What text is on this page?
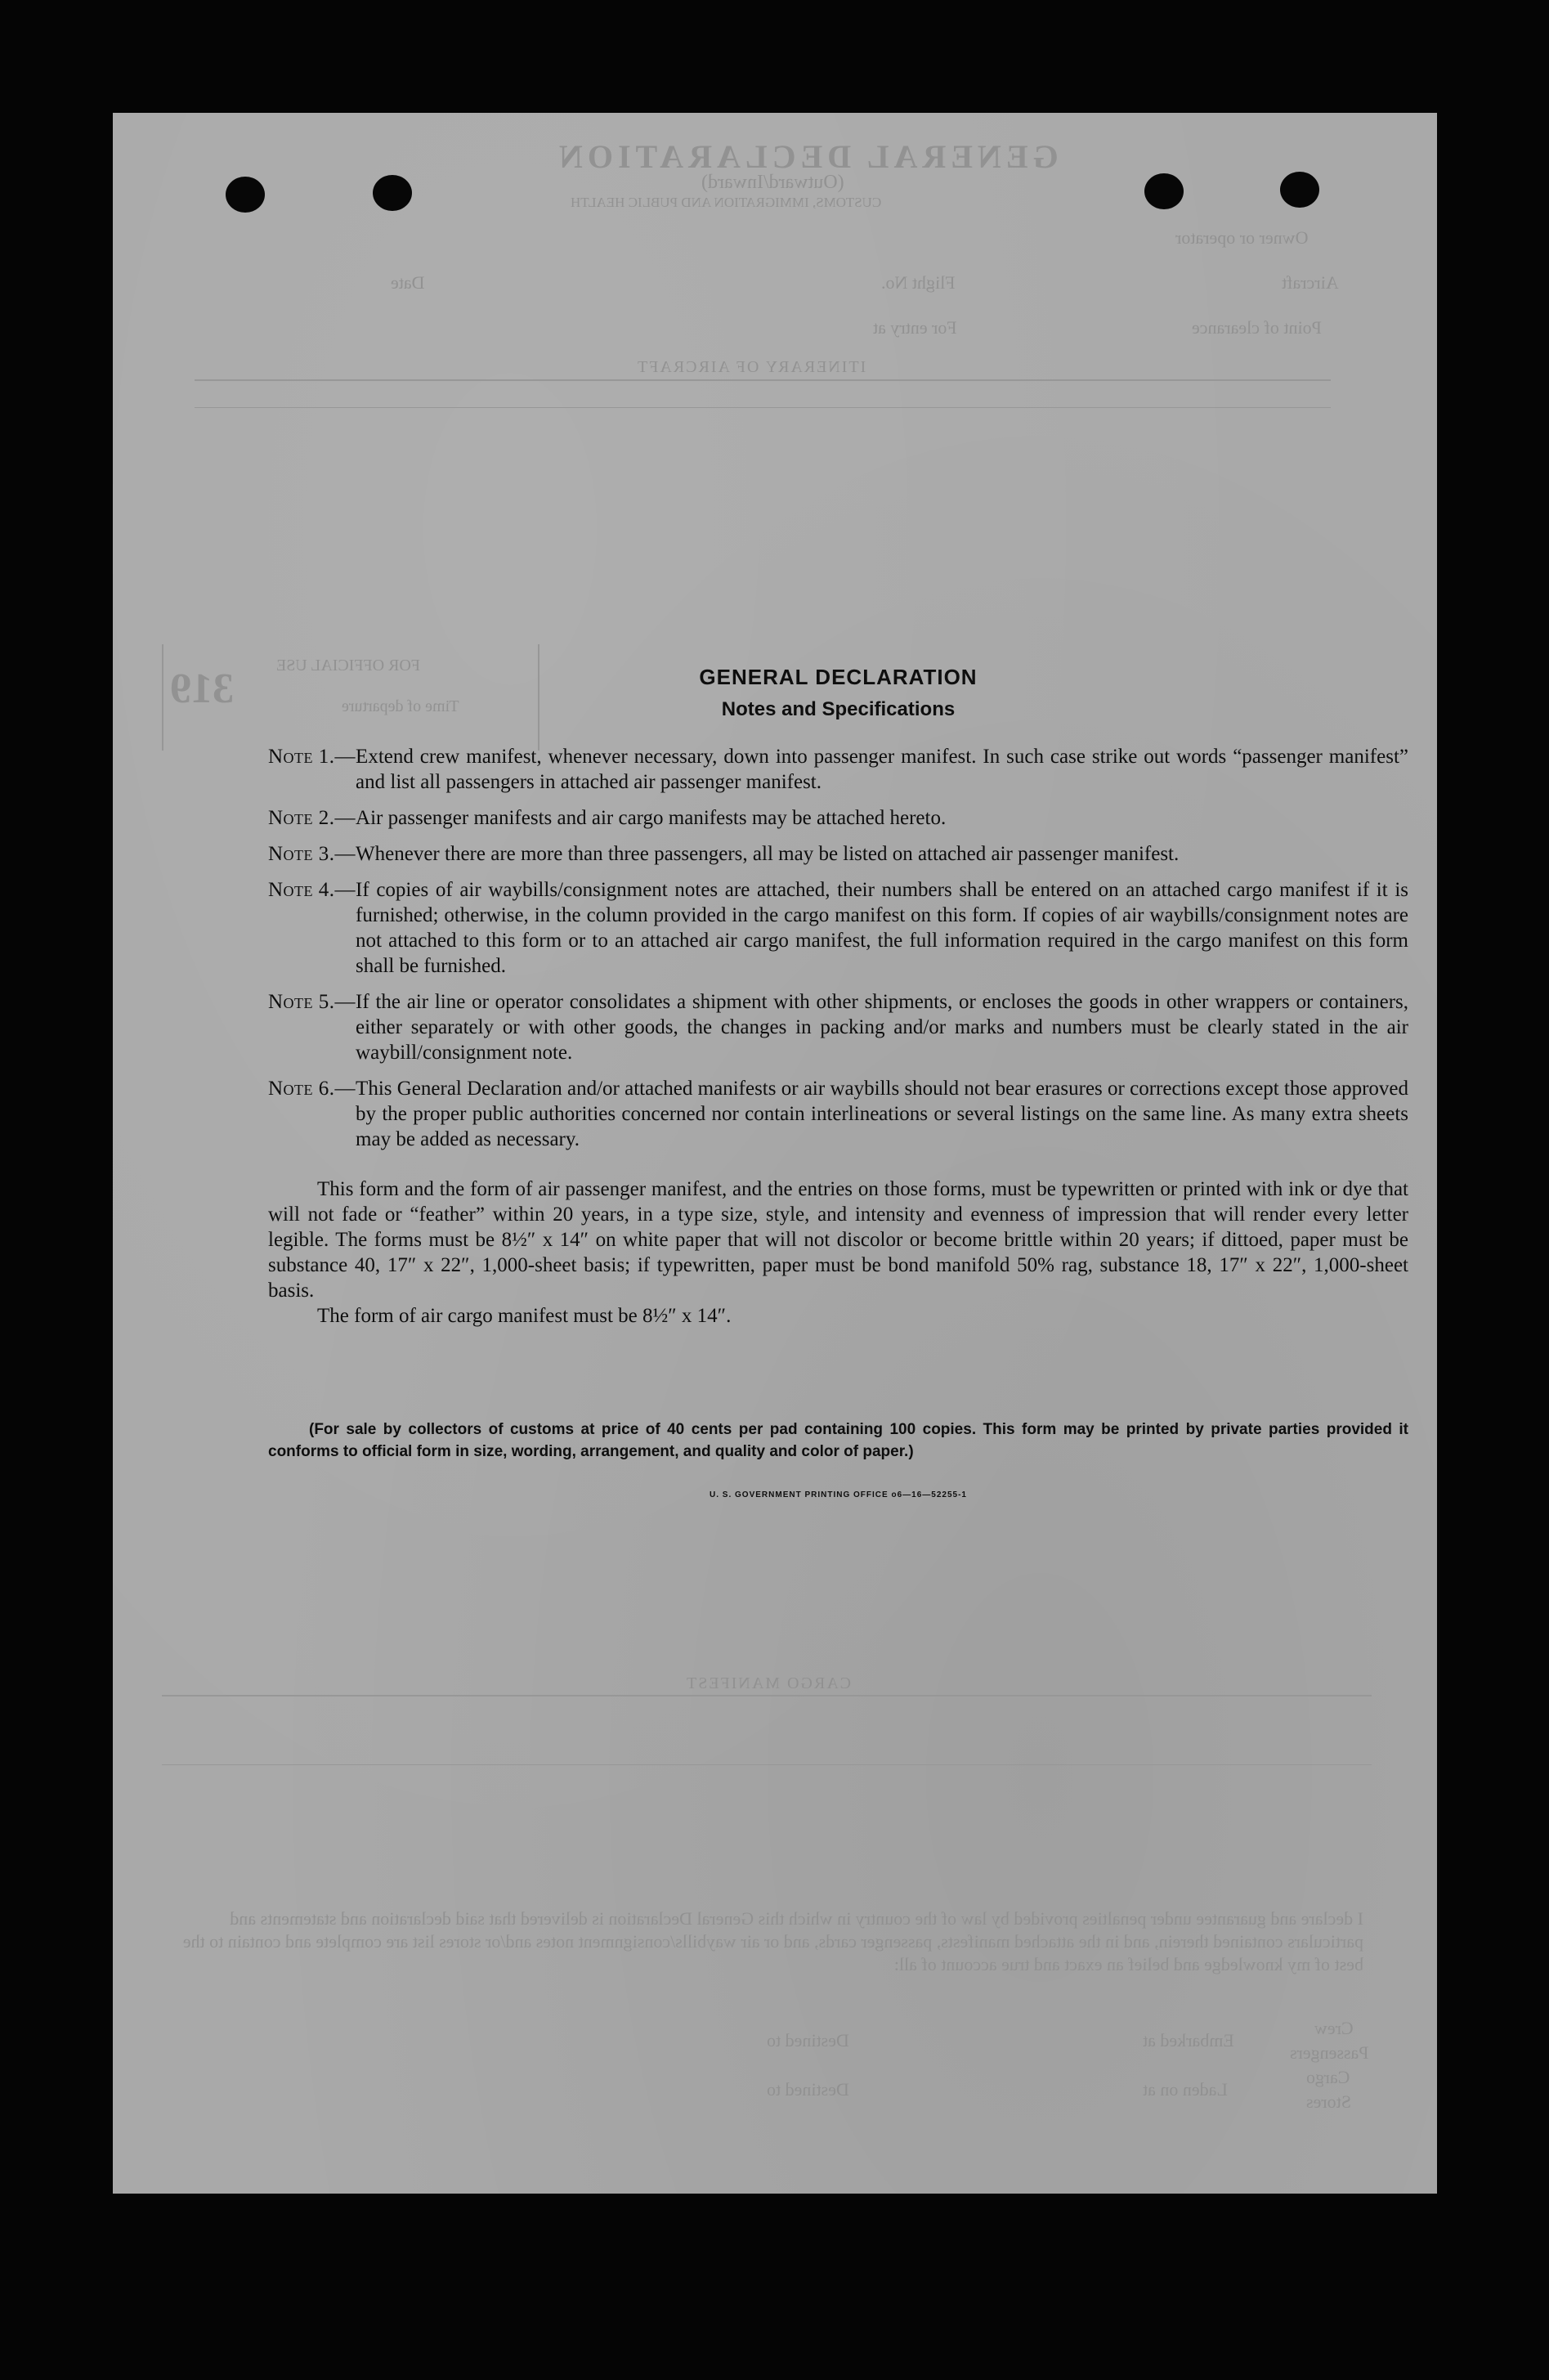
GENERAL DECLARATION
(Outward/Inward)
CUSTOMS, IMMIGRATION AND PUBLIC HEALTH
Owner or operator
Aircraft
Flight No.
Date
Point of clearance
For entry at
ITINERARY OF AIRCRAFT
FOR OFFICIAL USE
319	Time of departure
CARGO MANIFEST
I declare and guarantee under penalties provided by law of the country in which this General Declaration is delivered that said declaration and statements and particulars contained therein, and in the attached manifests, passenger cards, and or air waybills/consignment notes and/or stores list are complete and contain to the best of my knowledge and belief an exact and true account of all:
Crew
Passengers
Cargo
Stores
Embarked at
Laden on at
Destined to
Destined to
GENERAL DECLARATION
Notes and Specifications
Note 1.— Extend crew manifest, whenever necessary, down into passenger manifest. In such case strike out words “passenger manifest” and list all passengers in attached air passenger manifest.
Note 2.— Air passenger manifests and air cargo manifests may be attached hereto.
Note 3.— Whenever there are more than three passengers, all may be listed on attached air passenger manifest.
Note 4.— If copies of air waybills/consignment notes are attached, their numbers shall be entered on an attached cargo manifest if it is furnished; otherwise, in the column provided in the cargo manifest on this form. If copies of air waybills/consignment notes are not attached to this form or to an attached air cargo manifest, the full information required in the cargo manifest on this form shall be furnished.
Note 5.— If the air line or operator consolidates a shipment with other shipments, or encloses the goods in other wrappers or containers, either separately or with other goods, the changes in packing and/or marks and numbers must be clearly stated in the air waybill/consignment note.
Note 6.— This General Declaration and/or attached manifests or air waybills should not bear erasures or corrections except those approved by the proper public authorities concerned nor contain interlineations or several listings on the same line. As many extra sheets may be added as necessary.
This form and the form of air passenger manifest, and the entries on those forms, must be typewritten or printed with ink or dye that will not fade or “feather” within 20 years, in a type size, style, and intensity and evenness of impression that will render every letter legible. The forms must be 8½″ x 14″ on white paper that will not discolor or become brittle within 20 years; if dittoed, paper must be substance 40, 17″ x 22″, 1,000-sheet basis; if typewritten, paper must be bond manifold 50% rag, substance 18, 17″ x 22″, 1,000-sheet basis.
The form of air cargo manifest must be 8½″ x 14″.
(For sale by collectors of customs at price of 40 cents per pad containing 100 copies. This form may be printed by private parties provided it conforms to official form in size, wording, arrangement, and quality and color of paper.)
U. S. GOVERNMENT PRINTING OFFICE o6—16—52255-1
